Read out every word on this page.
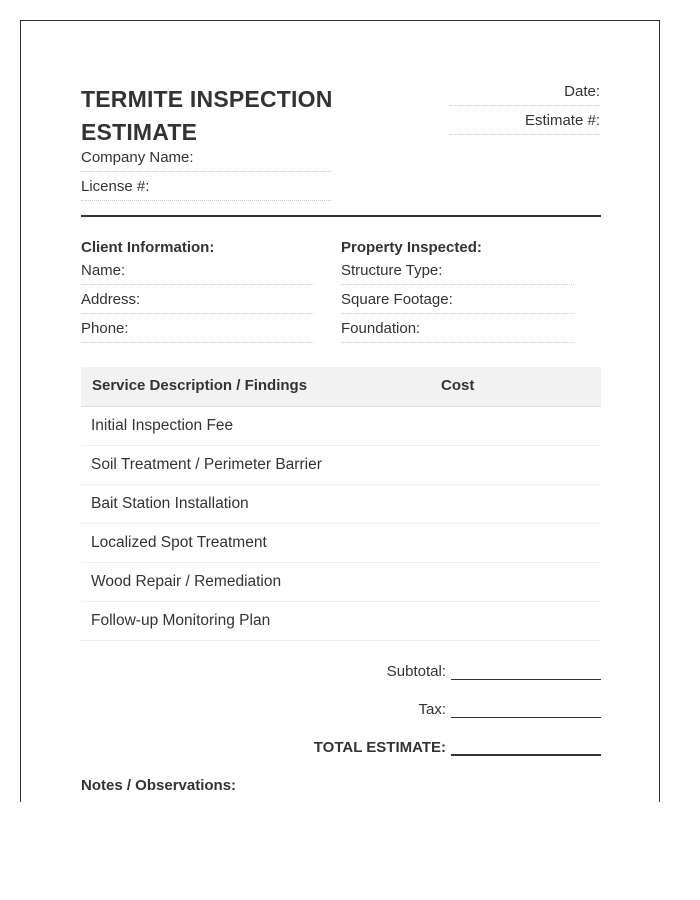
TERMITE INSPECTION ESTIMATE
Company Name:
License #:
Date:
Estimate #:
Client Information:
Name:
Address:
Phone:
Property Inspected:
Structure Type:
Square Footage:
Foundation:
Service Description / Findings	Cost
Initial Inspection Fee
Soil Treatment / Perimeter Barrier
Bait Station Installation
Localized Spot Treatment
Wood Repair / Remediation
Follow-up Monitoring Plan
Subtotal:
Tax:
TOTAL ESTIMATE:
Notes / Observations:
